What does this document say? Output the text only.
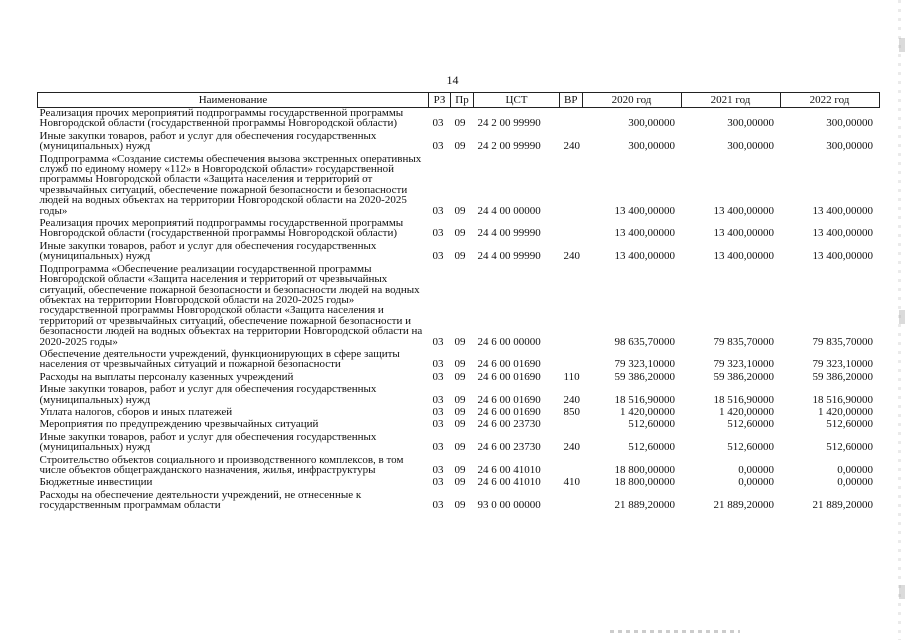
14
Наименование	РЗ	Пр	ЦСТ	ВР	2020 год	2021 год	2022 год
Реализация прочих мероприятий подпрограммы государственной программы Новгородской области (государственной программы Новгородской области)	03	09	24 2 00 99990		300,00000	300,00000	300,00000
Иные закупки товаров, работ и услуг для обеспечения государственных (муниципальных) нужд	03	09	24 2 00 99990	240	300,00000	300,00000	300,00000
Подпрограмма «Создание системы обеспечения вызова экстренных оперативных служб по единому номеру «112» в Новгородской области» государственной программы Новгородской области «Защита населения и территорий от чрезвычайных ситуаций, обеспечение пожарной безопасности и безопасности людей на водных объектах на территории Новгородской области на 2020-2025 годы»	03	09	24 4 00 00000		13 400,00000	13 400,00000	13 400,00000
Реализация прочих мероприятий подпрограммы государственной программы Новгородской области (государственной программы Новгородской области)	03	09	24 4 00 99990		13 400,00000	13 400,00000	13 400,00000
Иные закупки товаров, работ и услуг для обеспечения государственных (муниципальных) нужд	03	09	24 4 00 99990	240	13 400,00000	13 400,00000	13 400,00000
Подпрограмма «Обеспечение реализации государственной программы Новгородской области «Защита населения и территорий от чрезвычайных ситуаций, обеспечение пожарной безопасности и безопасности людей на водных объектах на территории Новгородской области на 2020-2025 годы» государственной программы Новгородской области «Защита населения и территорий от чрезвычайных ситуаций, обеспечение пожарной безопасности и безопасности людей на водных объектах на территории Новгородской области на 2020-2025 годы»	03	09	24 6 00 00000		98 635,70000	79 835,70000	79 835,70000
Обеспечение деятельности учреждений, функционирующих в сфере защиты населения от чрезвычайных ситуаций и пожарной безопасности	03	09	24 6 00 01690		79 323,10000	79 323,10000	79 323,10000
Расходы на выплаты персоналу казенных учреждений	03	09	24 6 00 01690	110	59 386,20000	59 386,20000	59 386,20000
Иные закупки товаров, работ и услуг для обеспечения государственных (муниципальных) нужд	03	09	24 6 00 01690	240	18 516,90000	18 516,90000	18 516,90000
Уплата налогов, сборов и иных платежей	03	09	24 6 00 01690	850	1 420,00000	1 420,00000	1 420,00000
Мероприятия по предупреждению чрезвычайных ситуаций	03	09	24 6 00 23730		512,60000	512,60000	512,60000
Иные закупки товаров, работ и услуг для обеспечения государственных (муниципальных) нужд	03	09	24 6 00 23730	240	512,60000	512,60000	512,60000
Строительство объектов социального и производственного комплексов, в том числе объектов общегражданского назначения, жилья, инфраструктуры	03	09	24 6 00 41010		18 800,00000	0,00000	0,00000
Бюджетные инвестиции	03	09	24 6 00 41010	410	18 800,00000	0,00000	0,00000
Расходы на обеспечение деятельности учреждений, не отнесенные к государственным программам области	03	09	93 0 00 00000		21 889,20000	21 889,20000	21 889,20000
